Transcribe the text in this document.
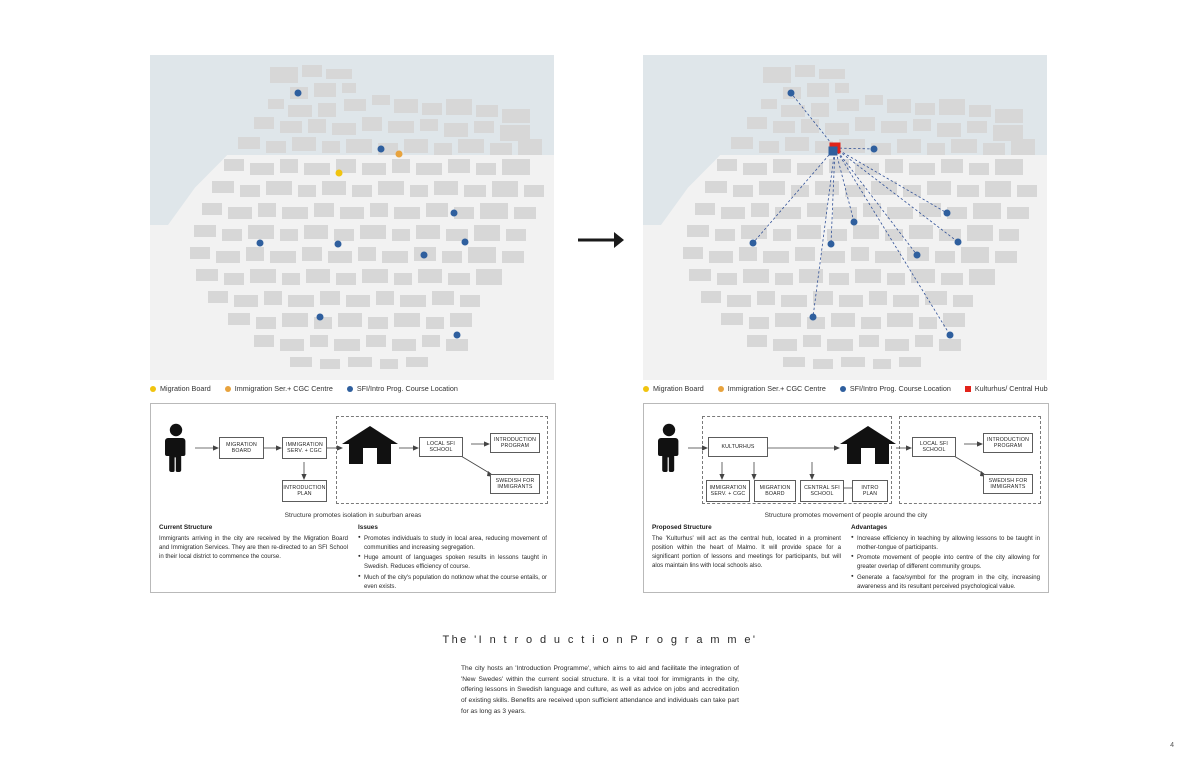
Migration Board	Immigration Ser.+ CGC Centre	SFI/Intro Prog. Course Location	Migration Board	Immigration Ser.+ CGC Centre	SFI/Intro Prog. Course Location	Kulturhus/ Central Hub
MIGRATION BOARD
IMMIGRATION SERV. + CGC
INTRODUCTION PLAN
LOCAL SFI SCHOOL
INTRODUCTION PROGRAM
SWEDISH FOR IMMIGRANTS
Structure promotes isolation in suburban areas

Current Structure

Immigrants arriving in the city are received by the Migration Board and Immigration Services. They are then re-directed to an SFI School in their local district to commence the course.

Issues

● Promotes individuals to study in local area, reducing movement of communities and increasing segregation.
● Huge amount of languages spoken results in lessons taught in Swedish. Reduces efficiency of course.
● Much of the city's population do notknow what the course entails, or even exists.
KULTURHUS
IMMIGRATION SERV. + CGC
MIGRATION BOARD
CENTRAL SFI SCHOOL
INTRO PLAN
LOCAL SFI SCHOOL
INTRODUCTION PROGRAM
SWEDISH FOR IMMIGRANTS
Structure promotes movement of people around the city

Proposed Structure

The 'Kulturhus' will act as the central hub, located in a prominent position within the heart of Malmo. It will provide space for a significant portion of lessons and meetings for participants, but will alos maintain lins with local schools also.

Advantages

● Increase efficiency in teaching by allowing lessons to be taught in mother-tongue of participants.
● Promote movement of people into centre of the city allowing for greater overlap of different community groups.
● Generate a face/symbol for the program in the city, increasing awareness and its resultant perceived psychological value.
The 'I n t r o d u c t i o n P r o g r a m m e'
The city hosts an 'Introduction Programme', which aims to aid and facilitate the integration of 'New Swedes' within the current social structure. It is a vital tool for immigrants in the city, offering lessons in Swedish language and culture, as well as advice on jobs and accreditation of existing skills. Benefits are received upon sufficient attendance and individuals can take part for as long as 3 years.
4
